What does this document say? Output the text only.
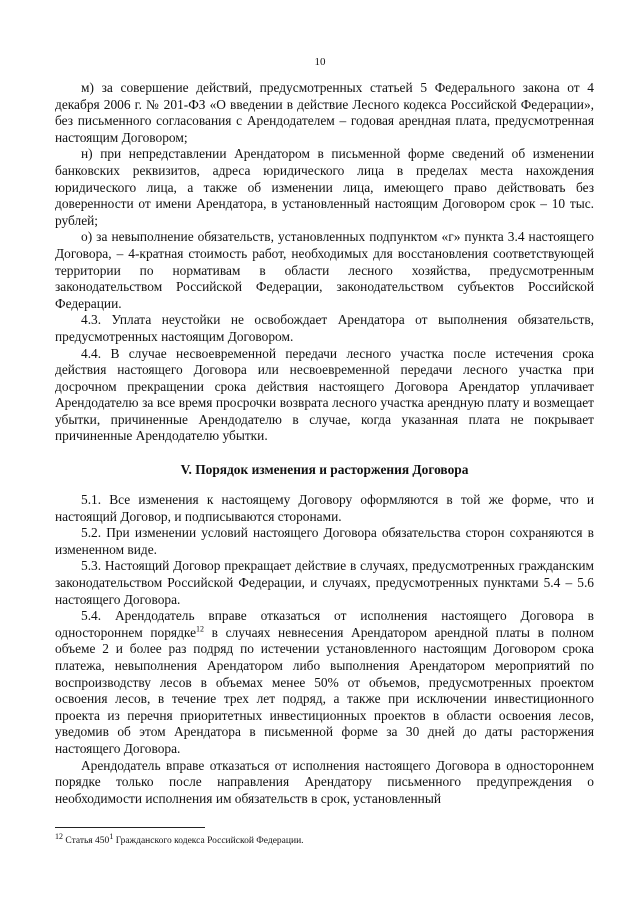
10

м) за совершение действий, предусмотренных статьей 5 Федерального закона от 4 декабря 2006 г. № 201-ФЗ «О введении в действие Лесного кодекса Российской Федерации», без письменного согласования с Арендодателем – годовая арендная плата, предусмотренная настоящим Договором;

н) при непредставлении Арендатором в письменной форме сведений об изменении банковских реквизитов, адреса юридического лица в пределах места нахождения юридического лица, а также об изменении лица, имеющего право действовать без доверенности от имени Арендатора, в установленный настоящим Договором срок – 10 тыс. рублей;

о) за невыполнение обязательств, установленных подпунктом «г» пункта 3.4 настоящего Договора, – 4-кратная стоимость работ, необходимых для восстановления соответствующей территории по нормативам в области лесного хозяйства, предусмотренным законодательством Российской Федерации, законодательством субъектов Российской Федерации.

4.3. Уплата неустойки не освобождает Арендатора от выполнения обязательств, предусмотренных настоящим Договором.

4.4. В случае несвоевременной передачи лесного участка после истечения срока действия настоящего Договора или несвоевременной передачи лесного участка при досрочном прекращении срока действия настоящего Договора Арендатор уплачивает Арендодателю за все время просрочки возврата лесного участка арендную плату и возмещает убытки, причиненные Арендодателю в случае, когда указанная плата не покрывает причиненные Арендодателю убытки.

V. Порядок изменения и расторжения Договора

5.1. Все изменения к настоящему Договору оформляются в той же форме, что и настоящий Договор, и подписываются сторонами.

5.2. При изменении условий настоящего Договора обязательства сторон сохраняются в измененном виде.

5.3. Настоящий Договор прекращает действие в случаях, предусмотренных гражданским законодательством Российской Федерации, и случаях, предусмотренных пунктами 5.4 – 5.6 настоящего Договора.

5.4. Арендодатель вправе отказаться от исполнения настоящего Договора в одностороннем порядке$^{12}$ в случаях невнесения Арендатором арендной платы в полном объеме 2 и более раз подряд по истечении установленного настоящим Договором срока платежа, невыполнения Арендатором либо выполнения Арендатором мероприятий по воспроизводству лесов в объемах менее 50% от объемов, предусмотренных проектом освоения лесов, в течение трех лет подряд, а также при исключении инвестиционного проекта из перечня приоритетных инвестиционных проектов в области освоения лесов, уведомив об этом Арендатора в письменной форме за 30 дней до даты расторжения настоящего Договора.

Арендодатель вправе отказаться от исполнения настоящего Договора в одностороннем порядке только после направления Арендатору письменного предупреждения о необходимости исполнения им обязательств в срок, установленный

$^{12}$ Статья $450^1$ Гражданского кодекса Российской Федерации.
